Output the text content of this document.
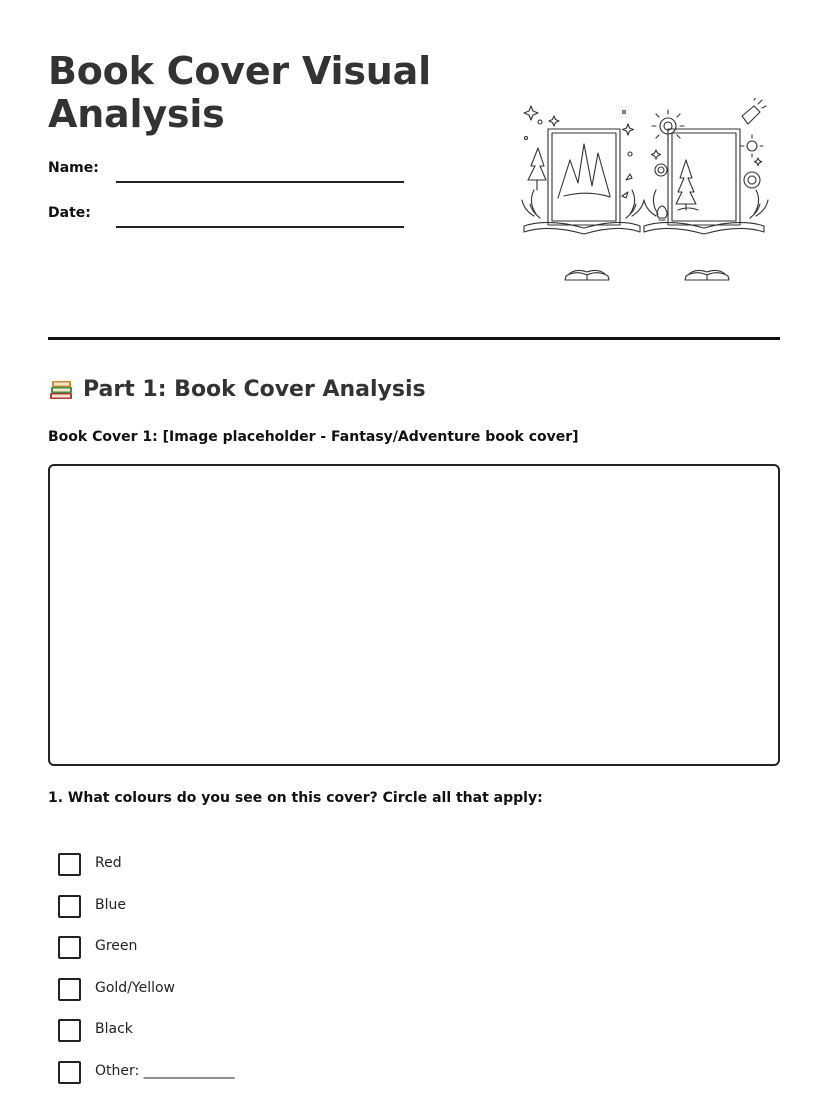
Book Cover Visual Analysis
Name:
Date:
Part 1: Book Cover Analysis
Book Cover 1: [Image placeholder - Fantasy/Adventure book cover]
1. What colours do you see on this cover? Circle all that apply:
Red
Blue
Green
Gold/Yellow
Black
Other: _____________
